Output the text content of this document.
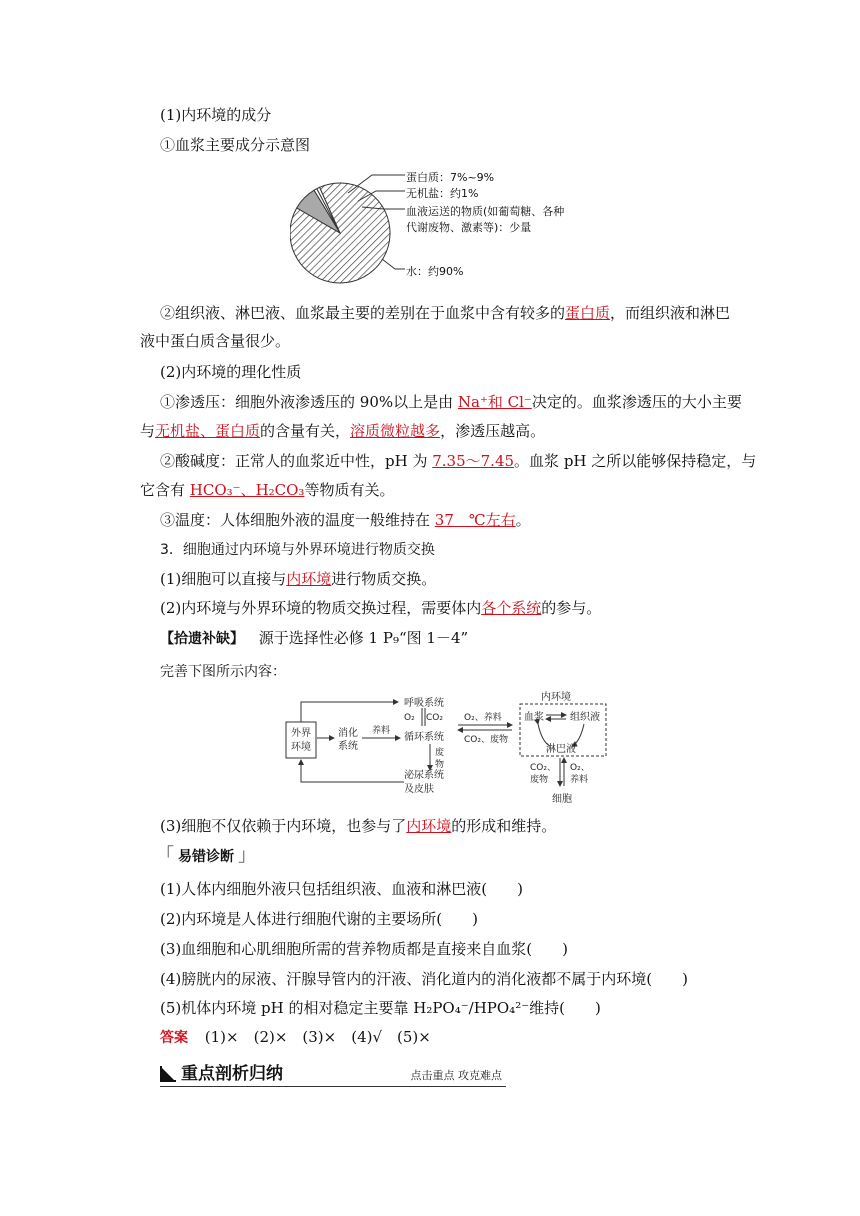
(1)内环境的成分
①血浆主要成分示意图
蛋白质：7%~9%
无机盐：约1%
血液运送的物质(如葡萄糖、各种
代谢废物、激素等)：少量
水：约90%
②组织液、淋巴液、血浆最主要的差别在于血浆中含有较多的蛋白质，而组织液和淋巴
液中蛋白质含量很少。
(2)内环境的理化性质
①渗透压：细胞外液渗透压的 90%以上是由 Na⁺和 Cl⁻决定的。血浆渗透压的大小主要
与无机盐、蛋白质的含量有关，溶质微粒越多，渗透压越高。
②酸碱度：正常人的血浆近中性，pH 为 7.35～7.45。血浆 pH 之所以能够保持稳定，与
它含有 HCO₃⁻、H₂CO₃等物质有关。
③温度：人体细胞外液的温度一般维持在 37　℃左右。
3．细胞通过内环境与外界环境进行物质交换
(1)细胞可以直接与内环境进行物质交换。
(2)内环境与外界环境的物质交换过程，需要体内各个系统的参与。
【拾遗补缺】 源于选择性必修 1 P₉“图 1－4”
完善下图所示内容：
外界
环境
呼吸系统
泌尿系统
及皮肤
消化
系统
养料
O₂ CO₂
循环系统
废
物
O₂、养料
CO₂、废物
内环境
血浆	组织液
淋巴液
CO₂、
废物
O₂、
养料
细胞
(3)细胞不仅依赖于内环境，也参与了内环境的形成和维持。
「 易错诊断 」
(1)人体内细胞外液只包括组织液、血液和淋巴液(　　)
(2)内环境是人体进行细胞代谢的主要场所(　　)
(3)血细胞和心肌细胞所需的营养物质都是直接来自血浆(　　)
(4)膀胱内的尿液、汗腺导管内的汗液、消化道内的消化液都不属于内环境(　　)
(5)机体内环境 pH 的相对稳定主要靠 H₂PO₄⁻/HPO₄²⁻维持(　　)
答案 (1)×　(2)×　(3)×　(4)√　(5)×
重点剖析归纳	点击重点 攻克难点
